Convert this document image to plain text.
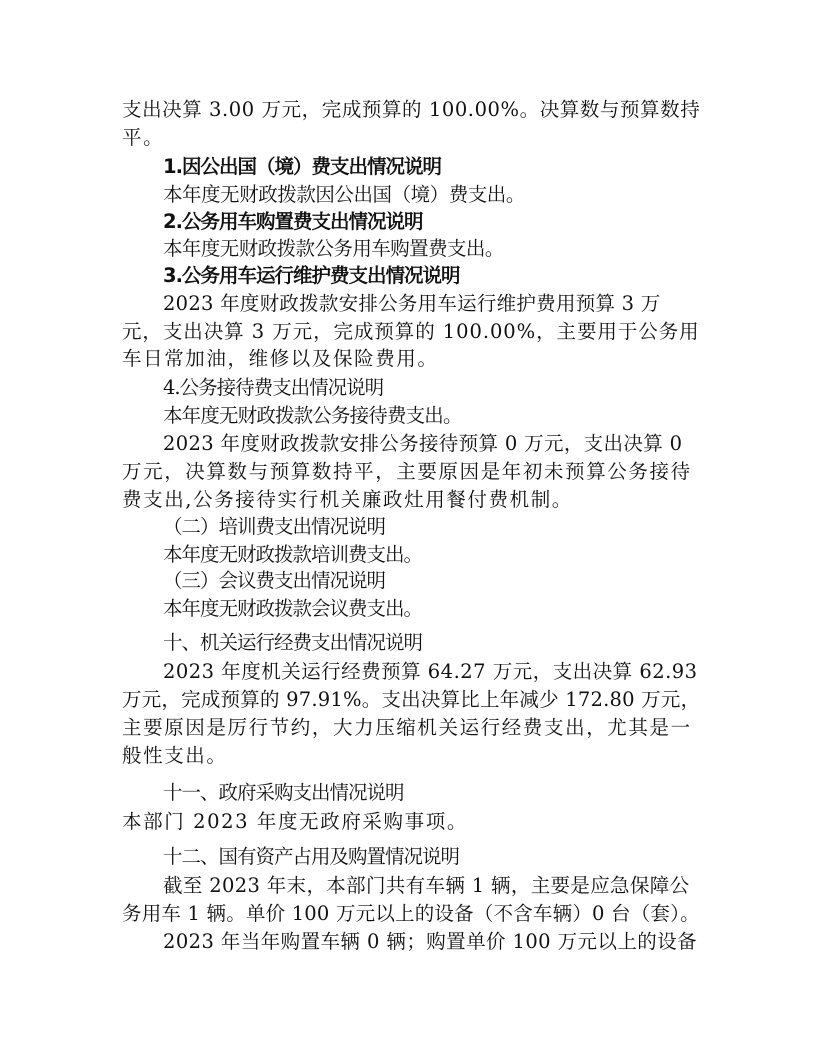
支出决算 3.00 万元，完成预算的 100.00%。决算数与预算数持
平。
1.因公出国（境）费支出情况说明
本年度无财政拨款因公出国（境）费支出。
2.公务用车购置费支出情况说明
本年度无财政拨款公务用车购置费支出。
3.公务用车运行维护费支出情况说明
2023 年度财政拨款安排公务用车运行维护费用预算 3 万
元，支出决算 3 万元，完成预算的 100.00%，主要用于公务用
车日常加油，维修以及保险费用。
4.公务接待费支出情况说明
本年度无财政拨款公务接待费支出。
2023 年度财政拨款安排公务接待预算 0 万元，支出决算 0
万元，决算数与预算数持平，主要原因是年初未预算公务接待
费支出,公务接待实行机关廉政灶用餐付费机制。
（二）培训费支出情况说明
本年度无财政拨款培训费支出。
（三）会议费支出情况说明
本年度无财政拨款会议费支出。
十、机关运行经费支出情况说明
2023 年度机关运行经费预算 64.27 万元，支出决算 62.93
万元，完成预算的 97.91%。支出决算比上年减少 172.80 万元，
主要原因是厉行节约，大力压缩机关运行经费支出，尤其是一
般性支出。
十一、政府采购支出情况说明
本部门 2023 年度无政府采购事项。
十二、国有资产占用及购置情况说明
截至 2023 年末，本部门共有车辆 1 辆，主要是应急保障公
务用车 1 辆。单价 100 万元以上的设备（不含车辆）0 台（套）。
2023 年当年购置车辆 0 辆；购置单价 100 万元以上的设备
